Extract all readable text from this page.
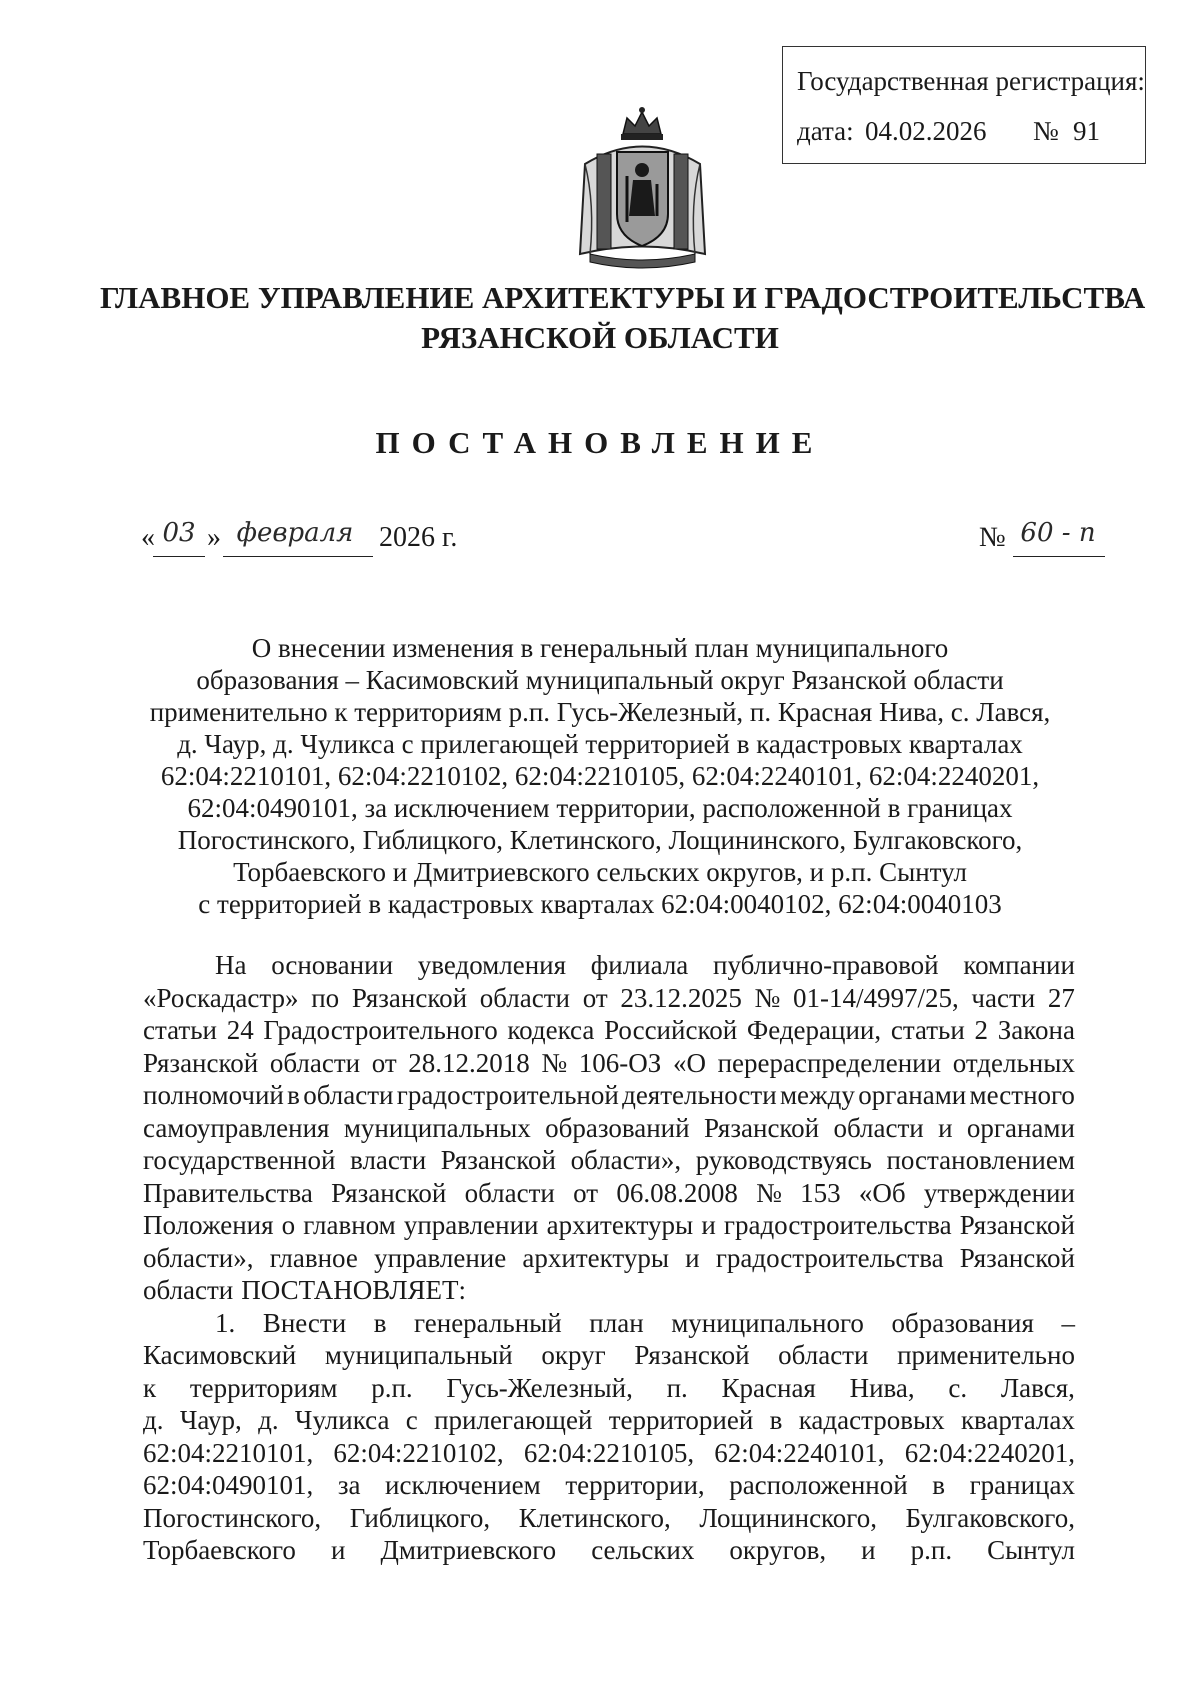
Государственная регистрация:
дата: 04.02.2026 № 91
ГЛАВНОЕ УПРАВЛЕНИЕ АРХИТЕКТУРЫ И ГРАДОСТРОИТЕЛЬСТВА
РЯЗАНСКОЙ ОБЛАСТИ
ПОСТАНОВЛЕНИЕ
« 03 » февраля 2026 г.	№ 60 - п
О внесении изменения в генеральный план муниципального
образования – Касимовский муниципальный округ Рязанской области
применительно к территориям р.п. Гусь-Железный, п. Красная Нива, с. Лався,
д. Чаур, д. Чуликса с прилегающей территорией в кадастровых кварталах
62:04:2210101, 62:04:2210102, 62:04:2210105, 62:04:2240101, 62:04:2240201,
62:04:0490101, за исключением территории, расположенной в границах
Погостинского, Гиблицкого, Клетинского, Лощининского, Булгаковского,
Торбаевского и Дмитриевского сельских округов, и р.п. Сынтул
с территорией в кадастровых кварталах 62:04:0040102, 62:04:0040103
На основании уведомления филиала публично-правовой компании
«Роскадастр» по Рязанской области от 23.12.2025 № 01-14/4997/25, части 27
статьи 24 Градостроительного кодекса Российской Федерации, статьи 2 Закона
Рязанской области от 28.12.2018 № 106-ОЗ «О перераспределении отдельных
полномочий в области градостроительной деятельности между органами местного
самоуправления муниципальных образований Рязанской области и органами
государственной власти Рязанской области», руководствуясь постановлением
Правительства Рязанской области от 06.08.2008 № 153 «Об утверждении
Положения о главном управлении архитектуры и градостроительства Рязанской
области», главное управление архитектуры и градостроительства Рязанской
области ПОСТАНОВЛЯЕТ:
1. Внести в генеральный план муниципального образования –
Касимовский муниципальный округ Рязанской области применительно
к территориям р.п. Гусь-Железный, п. Красная Нива, с. Лався,
д. Чаур, д. Чуликса с прилегающей территорией в кадастровых кварталах
62:04:2210101, 62:04:2210102, 62:04:2210105, 62:04:2240101, 62:04:2240201,
62:04:0490101, за исключением территории, расположенной в границах
Погостинского, Гиблицкого, Клетинского, Лощининского, Булгаковского,
Торбаевского и Дмитриевского сельских округов, и р.п. Сынтул
